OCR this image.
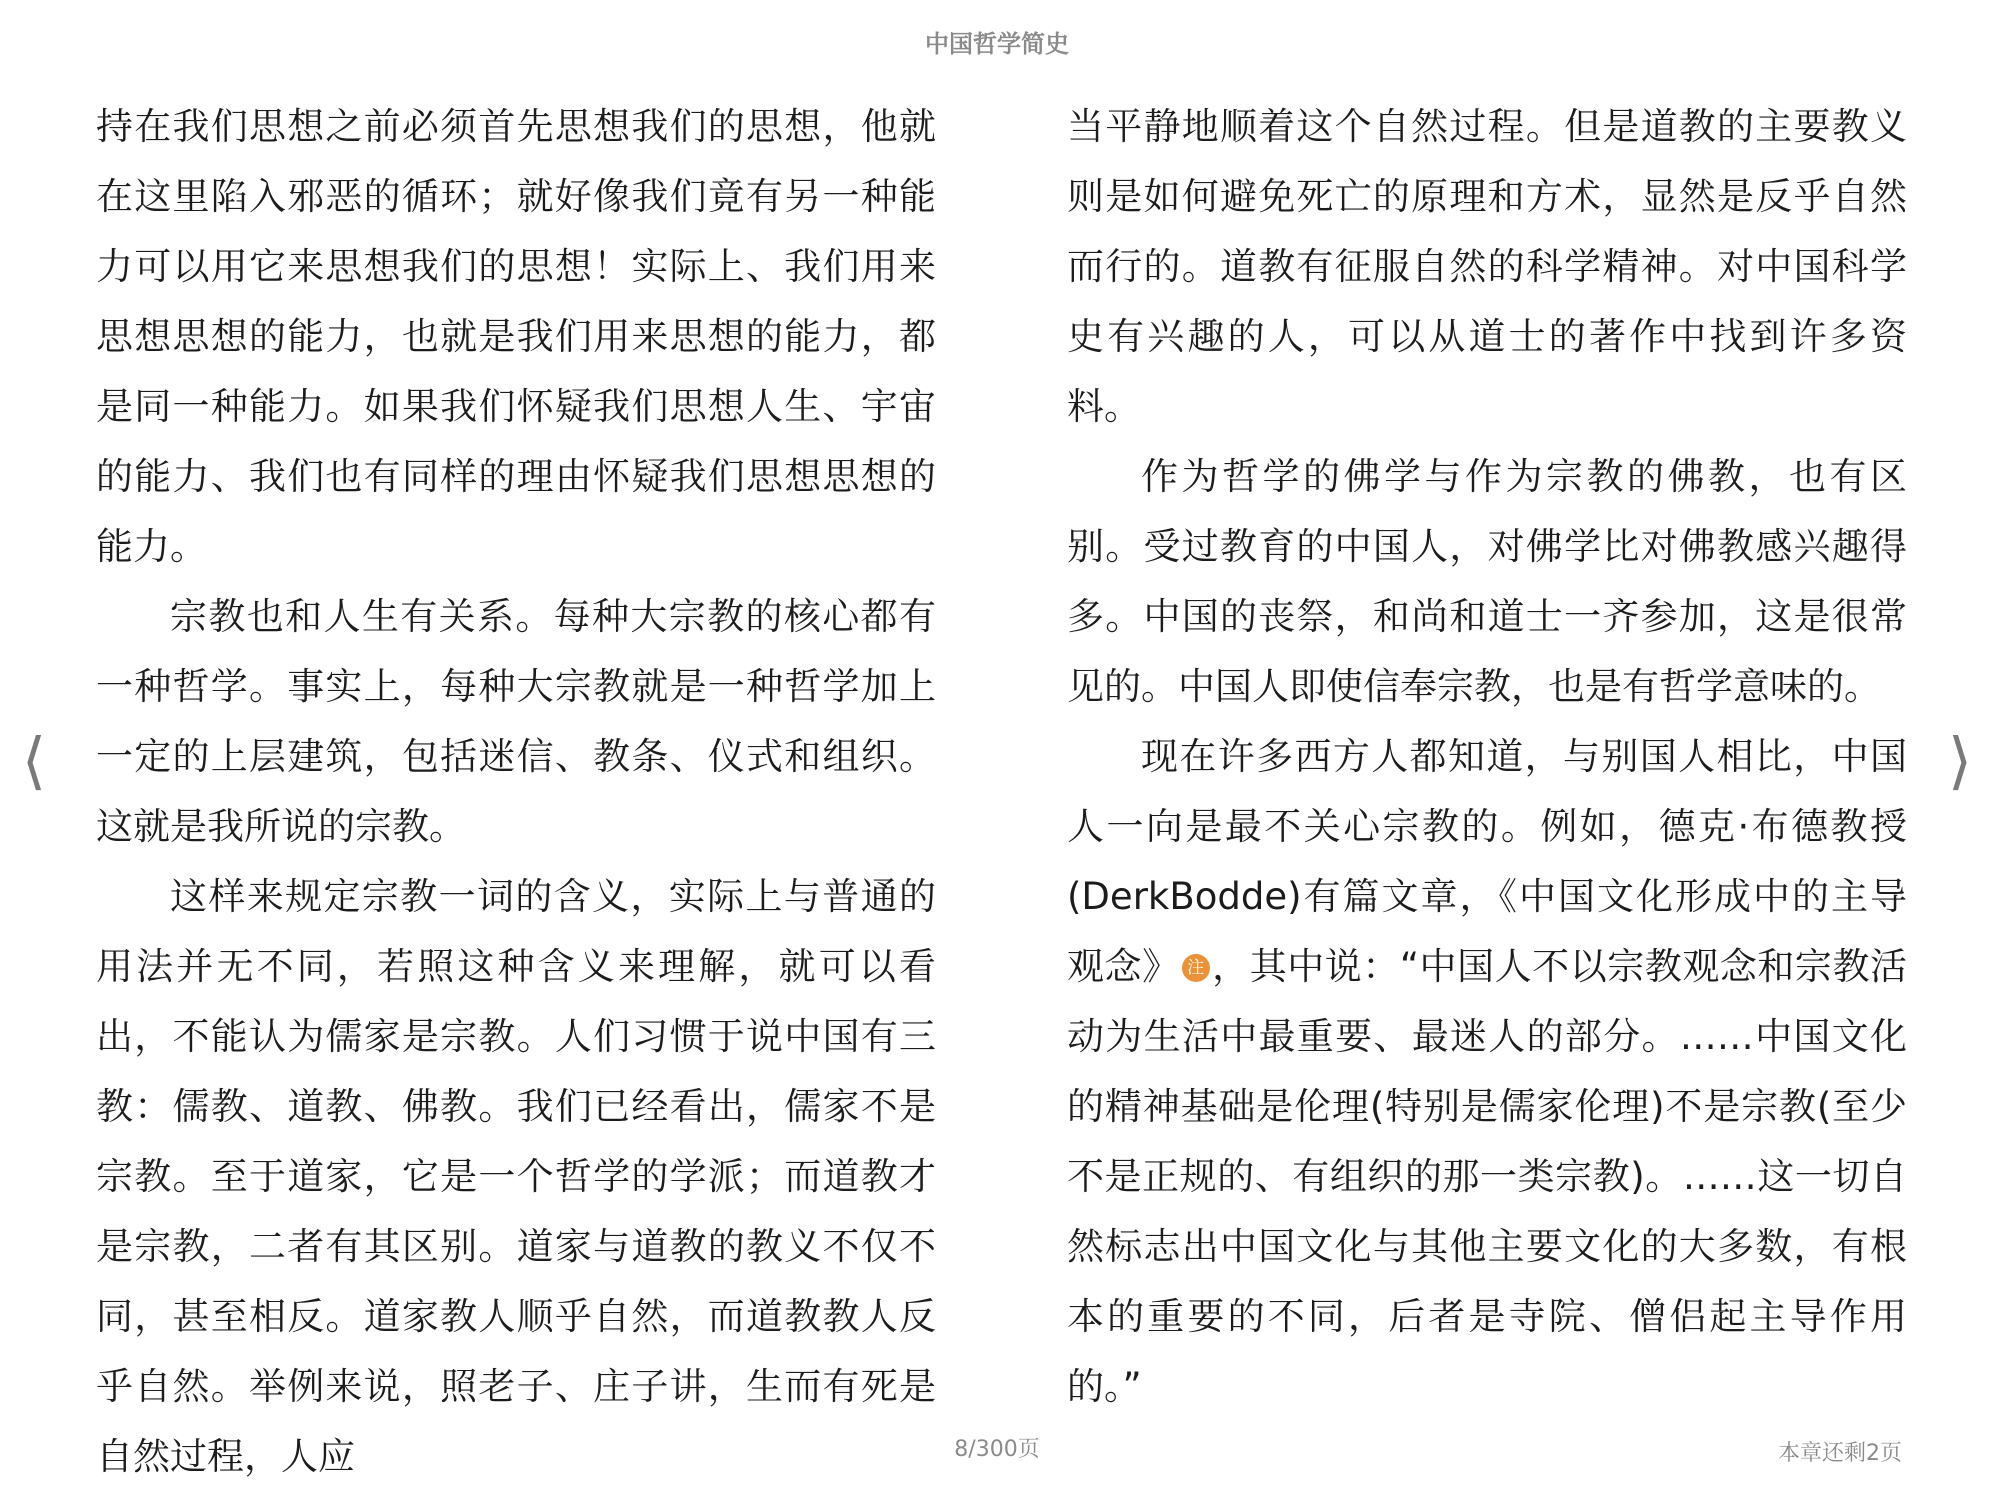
中国哲学简史
⟨	⟩

持在我们思想之前必须首先思想我们的思想，他就在这里陷入邪恶的循环；就好像我们竟有另一种能力可以用它来思想我们的思想！实际上、我们用来思想思想的能力，也就是我们用来思想的能力，都是同一种能力。如果我们怀疑我们思想人生、宇宙的能力、我们也有同样的理由怀疑我们思想思想的能力。

宗教也和人生有关系。每种大宗教的核心都有一种哲学。事实上，每种大宗教就是一种哲学加上一定的上层建筑，包括迷信、教条、仪式和组织。这就是我所说的宗教。

这样来规定宗教一词的含义，实际上与普通的用法并无不同，若照这种含义来理解，就可以看出，不能认为儒家是宗教。人们习惯于说中国有三教：儒教、道教、佛教。我们已经看出，儒家不是宗教。至于道家，它是一个哲学的学派；而道教才是宗教，二者有其区别。道家与道教的教义不仅不同，甚至相反。道家教人顺乎自然，而道教教人反乎自然。举例来说，照老子、庄子讲，生而有死是自然过程，人应

当平静地顺着这个自然过程。但是道教的主要教义则是如何避免死亡的原理和方术，显然是反乎自然而行的。道教有征服自然的科学精神。对中国科学史有兴趣的人，可以从道士的著作中找到许多资料。

作为哲学的佛学与作为宗教的佛教，也有区别。受过教育的中国人，对佛学比对佛教感兴趣得多。中国的丧祭，和尚和道士一齐参加，这是很常见的。中国人即使信奉宗教，也是有哲学意味的。

现在许多西方人都知道，与别国人相比，中国人一向是最不关心宗教的。例如，德克·布德教授(DerkBodde)有篇文章，《中国文化形成中的主导观念》 注 ，其中说：“中国人不以宗教观念和宗教活动为生活中最重要、最迷人的部分。……中国文化的精神基础是伦理(特别是儒家伦理)不是宗教(至少不是正规的、有组织的那一类宗教)。……这一切自然标志出中国文化与其他主要文化的大多数，有根本的重要的不同，后者是寺院、僧侣起主导作用的。”

8/300页	本章还剩2页
